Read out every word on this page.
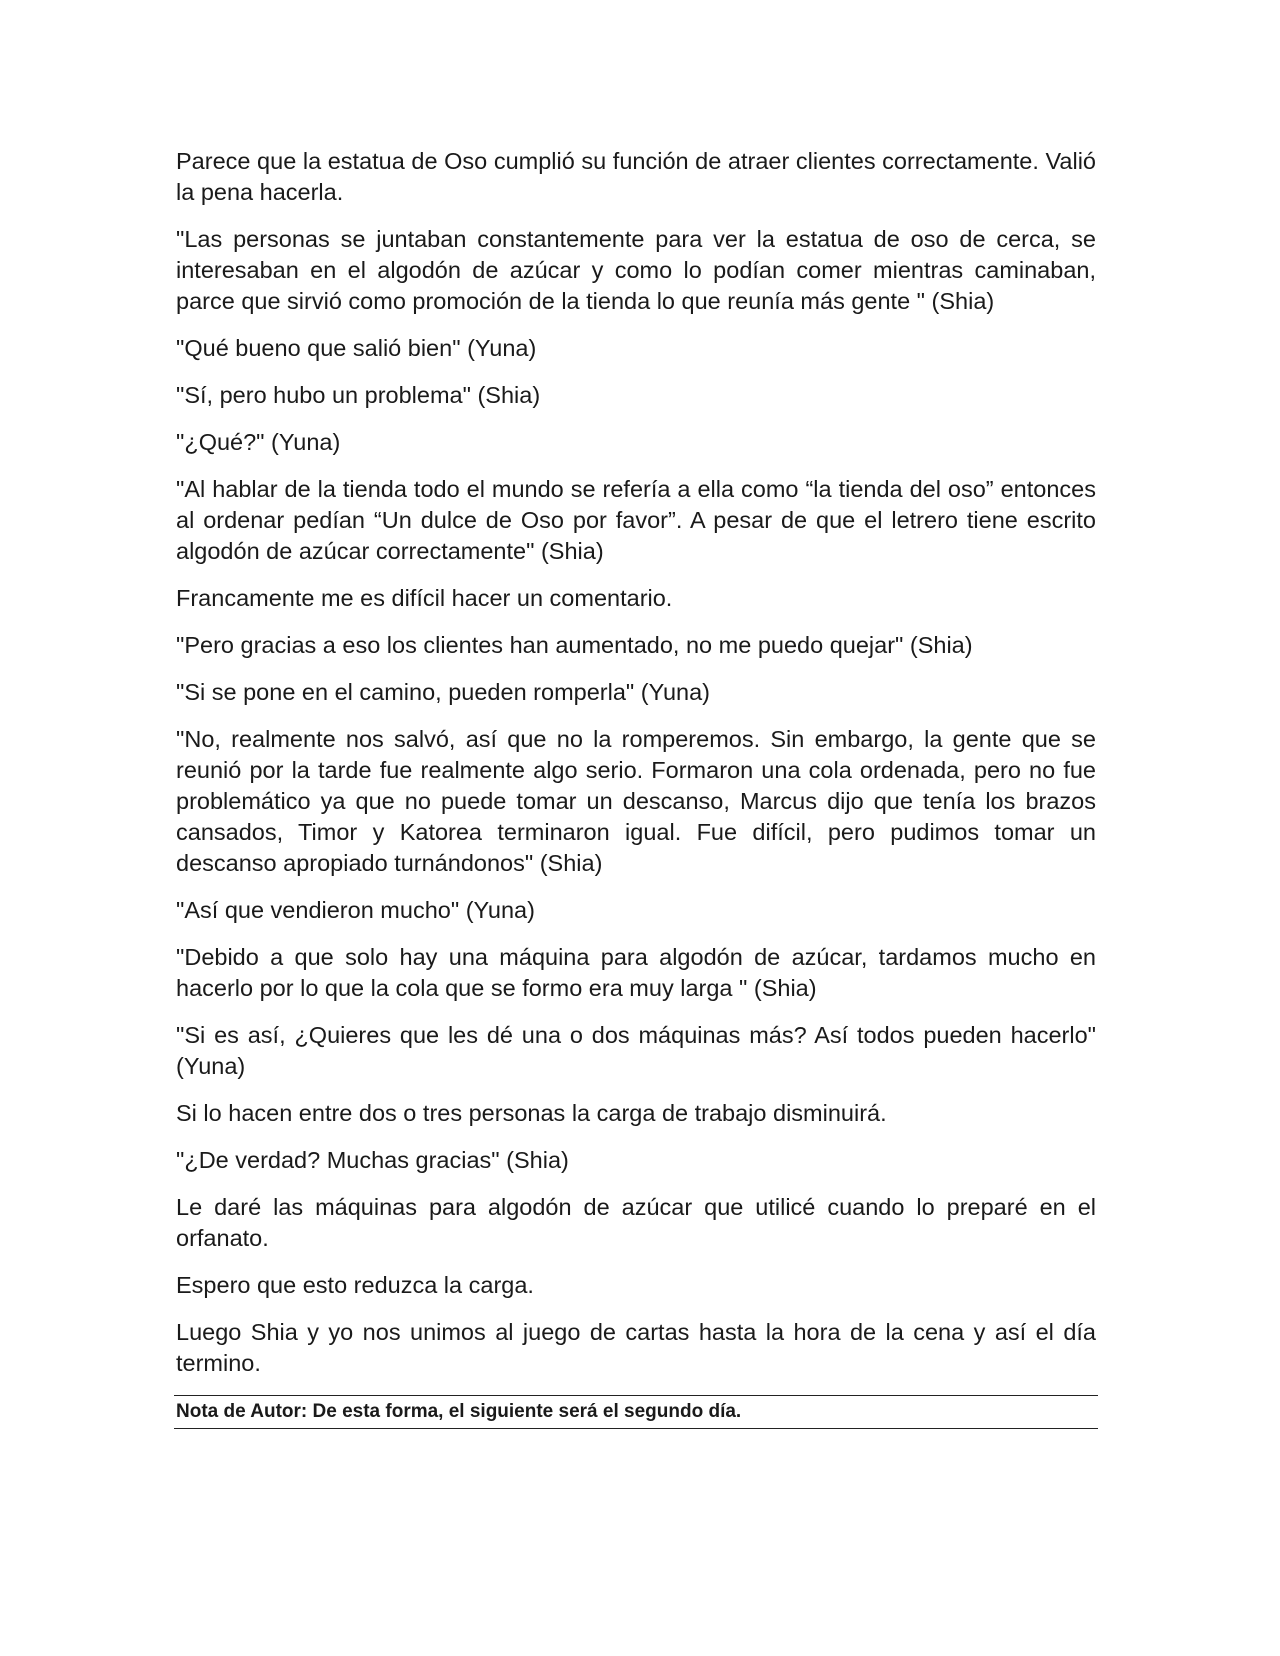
Parece que la estatua de Oso cumplió su función de atraer clientes correctamente. Valió la pena hacerla.

"Las personas se juntaban constantemente para ver la estatua de oso de cerca, se interesaban en el algodón de azúcar y como lo podían comer mientras caminaban, parce que sirvió como promoción de la tienda lo que reunía más gente " (Shia)

"Qué bueno que salió bien" (Yuna)

"Sí, pero hubo un problema" (Shia)

"¿Qué?" (Yuna)

"Al hablar de la tienda todo el mundo se refería a ella como “la tienda del oso” entonces al ordenar pedían “Un dulce de Oso por favor”. A pesar de que el letrero tiene escrito algodón de azúcar correctamente" (Shia)

Francamente me es difícil hacer un comentario.

"Pero gracias a eso los clientes han aumentado, no me puedo quejar" (Shia)

"Si se pone en el camino, pueden romperla" (Yuna)

"No, realmente nos salvó, así que no la romperemos. Sin embargo, la gente que se reunió por la tarde fue realmente algo serio. Formaron una cola ordenada, pero no fue problemático ya que no puede tomar un descanso, Marcus dijo que tenía los brazos cansados, Timor y Katorea terminaron igual. Fue difícil, pero pudimos tomar un descanso apropiado turnándonos" (Shia)

"Así que vendieron mucho" (Yuna)

"Debido a que solo hay una máquina para algodón de azúcar, tardamos mucho en hacerlo por lo que la cola que se formo era muy larga " (Shia)

"Si es así, ¿Quieres que les dé una o dos máquinas más? Así todos pueden hacerlo" (Yuna)

Si lo hacen entre dos o tres personas la carga de trabajo disminuirá.

"¿De verdad? Muchas gracias" (Shia)

Le daré las máquinas para algodón de azúcar que utilicé cuando lo preparé en el orfanato.

Espero que esto reduzca la carga.

Luego Shia y yo nos unimos al juego de cartas hasta la hora de la cena y así el día termino.

Nota de Autor: De esta forma, el siguiente será el segundo día.
